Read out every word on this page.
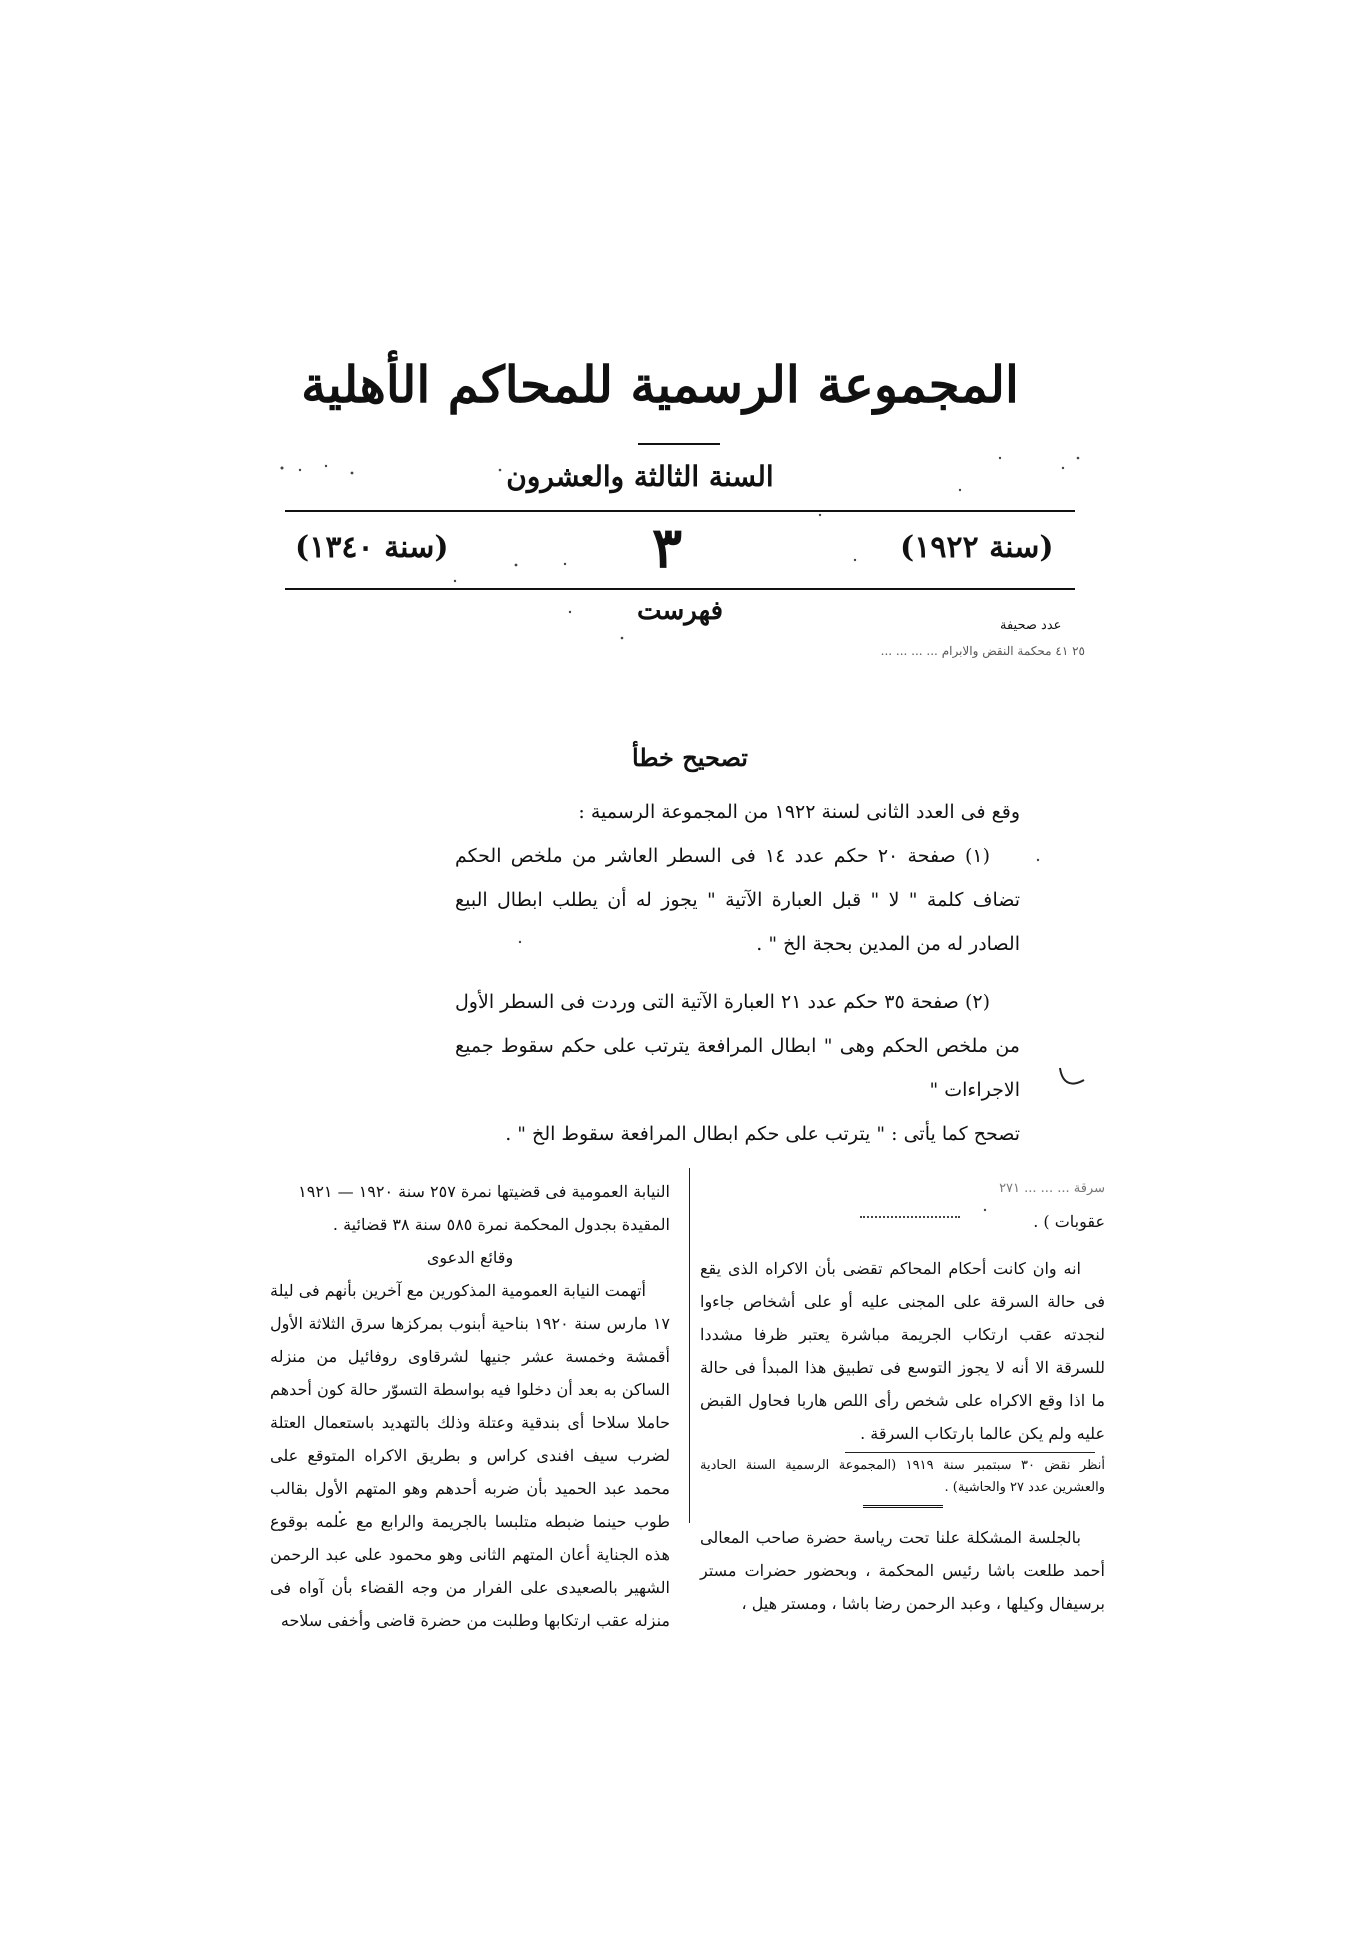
المجموعة الرسمية للمحاكم الأهلية
السنة الثالثة والعشرون
(سنة ١٩٢٢)
٣
(سنة ١٣٤٠)
فهرست	عدد صحيفة
٢٥ ٤١ محكمة النقض والابرام ... ... ... ...
تصحيح خطأ

وقع فى العدد الثانى لسنة ١٩٢٢ من المجموعة الرسمية :

(١) صفحة ٢٠ حكم عدد ١٤ فى السطر العاشر من ملخص الحكم تضاف كلمة " لا " قبل العبارة الآتية " يجوز له أن يطلب ابطال البيع الصادر له من المدين بحجة الخ " .

(٢) صفحة ٣٥ حكم عدد ٢١ العبارة الآتية التى وردت فى السطر الأول من ملخص الحكم وهى " ابطال المرافعة يترتب على حكم سقوط جميع الاجراءات "

تصحح كما يأتى : " يترتب على حكم ابطال المرافعة سقوط الخ " .

النيابة العمومية فى قضيتها نمرة ٢٥٧ سنة ١٩٢٠ — ١٩٢١

المقيدة بجدول المحكمة نمرة ٥٨٥ سنة ٣٨ قضائية .

وقائع الدعوى

أتهمت النيابة العمومية المذكورين مع آخرين بأنهم فى ليلة ١٧ مارس سنة ١٩٢٠ بناحية أبنوب بمركزها سرق الثلاثة الأول أقمشة وخمسة عشر جنيها لشرقاوى روفائيل من منزله الساكن به بعد أن دخلوا فيه بواسطة التسوّر حالة كون أحدهم حاملا سلاحا أى بندقية وعتلة وذلك بالتهديد باستعمال العتلة لضرب سيف افندى كراس و بطريق الاكراه المتوقع على محمد عبد الحميد بأن ضربه أحدهم وهو المتهم الأول بقالب طوب حينما ضبطه متلبسا بالجريمة والرابع مع علمه بوقوع هذه الجناية أعان المتهم الثانى وهو محمود على عبد الرحمن الشهير بالصعيدى على الفرار من وجه القضاء بأن آواه فى منزله عقب ارتكابها وطلبت من حضرة قاضى وأخفى سلاحه

سرقة ... ... ... ٢٧١

عقوبات ) .

انه وان كانت أحكام المحاكم تقضى بأن الاكراه الذى يقع فى حالة السرقة على المجنى عليه أو على أشخاص جاءوا لنجدته عقب ارتكاب الجريمة مباشرة يعتبر ظرفا مشددا للسرقة الا أنه لا يجوز التوسع فى تطبيق هذا المبدأ فى حالة ما اذا وقع الاكراه على شخص رأى اللص هاربا فحاول القبض عليه ولم يكن عالما بارتكاب السرقة .

أنظر نقض ٣٠ سبتمبر سنة ١٩١٩ (المجموعة الرسمية السنة الحادية والعشرين عدد ٢٧ والحاشية) .

بالجلسة المشكلة علنا تحت رياسة حضرة صاحب المعالى أحمد طلعت باشا رئيس المحكمة ، وبحضور حضرات مستر برسيفال وكيلها ، وعبد الرحمن رضا باشا ، ومستر هيل ،
